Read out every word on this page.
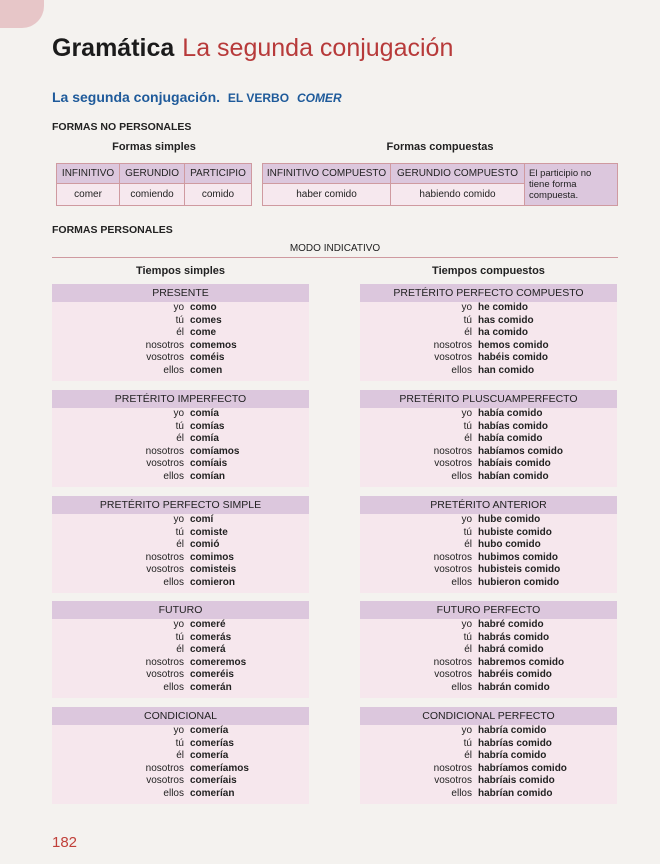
Gramática La segunda conjugación
La segunda conjugación. EL VERBO COMER
FORMAS NO PERSONALES
Formas simples	Formas compuestas
INFINITIVO	GERUNDIO	PARTICIPIO
comer	comiendo	comido
INFINITIVO COMPUESTO	GERUNDIO COMPUESTO	El participio no tiene forma compuesta.
haber comido	habiendo comido	
FORMAS PERSONALES
MODO INDICATIVO
Tiempos simples	Tiempos compuestos
PRESENTE
yo como
tú comes
él come
nosotros comemos
vosotros coméis
ellos comen
PRETÉRITO IMPERFECTO
yo comía
tú comías
él comía
nosotros comíamos
vosotros comíais
ellos comían
PRETÉRITO PERFECTO SIMPLE
yo comí
tú comiste
él comió
nosotros comimos
vosotros comisteis
ellos comieron
FUTURO
yo comeré
tú comerás
él comerá
nosotros comeremos
vosotros comeréis
ellos comerán
CONDICIONAL
yo comería
tú comerías
él comería
nosotros comeríamos
vosotros comeríais
ellos comerían
PRETÉRITO PERFECTO COMPUESTO
yo he comido
tú has comido
él ha comido
nosotros hemos comido
vosotros habéis comido
ellos han comido
PRETÉRITO PLUSCUAMPERFECTO
yo había comido
tú habías comido
él había comido
nosotros habíamos comido
vosotros habíais comido
ellos habían comido
PRETÉRITO ANTERIOR
yo hube comido
tú hubiste comido
él hubo comido
nosotros hubimos comido
vosotros hubisteis comido
ellos hubieron comido
FUTURO PERFECTO
yo habré comido
tú habrás comido
él habrá comido
nosotros habremos comido
vosotros habréis comido
ellos habrán comido
CONDICIONAL PERFECTO
yo habría comido
tú habrías comido
él habría comido
nosotros habríamos comido
vosotros habríais comido
ellos habrían comido
182
